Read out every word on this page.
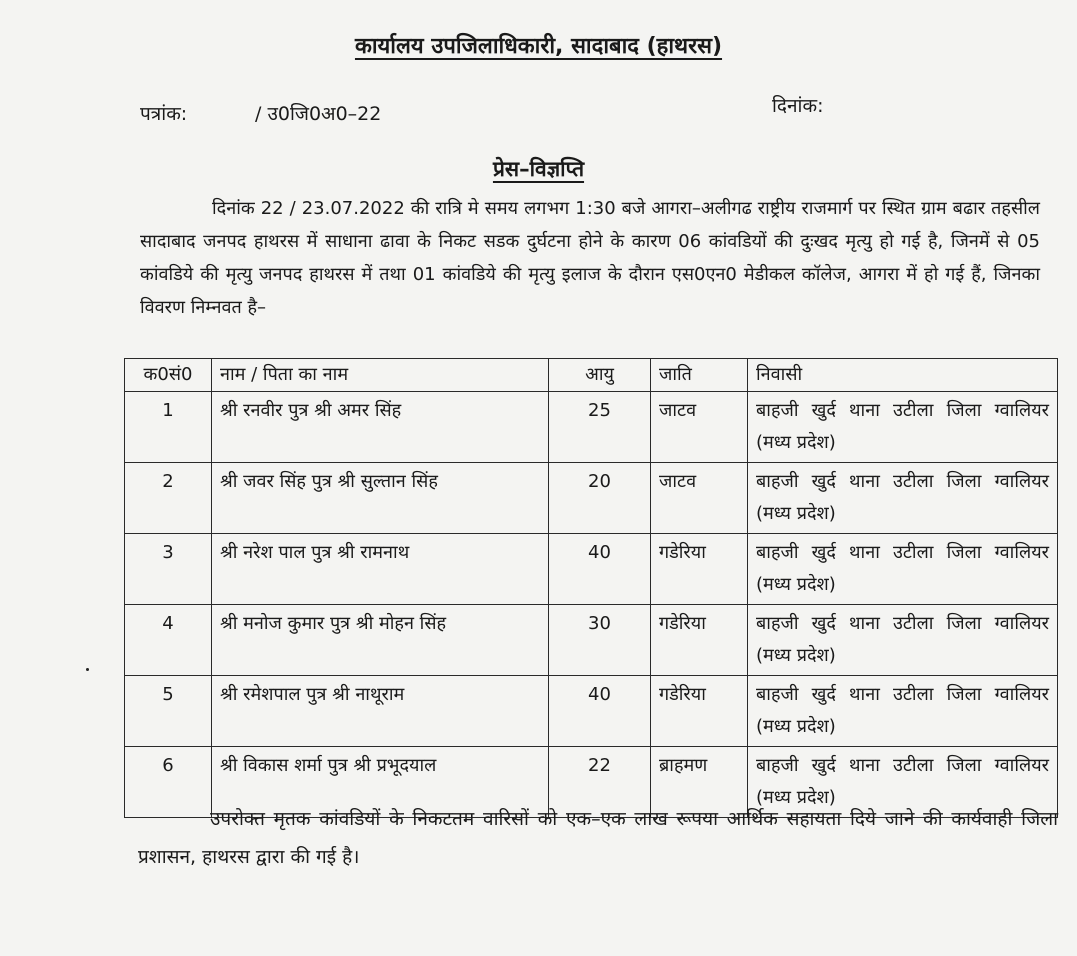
कार्यालय उपजिलाधिकारी, सादाबाद (हाथरस)
पत्रांक:	/ उ0जि0अ0–22	दिनांक:
प्रेस–विज्ञप्ति
दिनांक 22 / 23.07.2022 की रात्रि मे समय लगभग 1:30 बजे आगरा–अलीगढ राष्ट्रीय राजमार्ग पर स्थित ग्राम बढार तहसील सादाबाद जनपद हाथरस में साधाना ढावा के निकट सडक दुर्घटना होने के कारण 06 कांवडियों की दुःखद मृत्यु हो गई है, जिनमें से 05 कांवडिये की मृत्यु जनपद हाथरस में तथा 01 कांवडिये की मृत्यु इलाज के दौरान एस0एन0 मेडीकल कॉलेज, आगरा में हो गई हैं, जिनका विवरण निम्नवत है–
क0सं0	नाम / पिता का नाम	आयु	जाति	निवासी
1	श्री रनवीर पुत्र श्री अमर सिंह	25	जाटव	बाहजी खुर्द थाना उटीला जिला ग्वालियर (मध्य प्रदेश)
2	श्री जवर सिंह पुत्र श्री सुल्तान सिंह	20	जाटव	बाहजी खुर्द थाना उटीला जिला ग्वालियर (मध्य प्रदेश)
3	श्री नरेश पाल पुत्र श्री रामनाथ	40	गडेरिया	बाहजी खुर्द थाना उटीला जिला ग्वालियर (मध्य प्रदेश)
4	श्री मनोज कुमार पुत्र श्री मोहन सिंह	30	गडेरिया	बाहजी खुर्द थाना उटीला जिला ग्वालियर (मध्य प्रदेश)
5	श्री रमेशपाल पुत्र श्री नाथूराम	40	गडेरिया	बाहजी खुर्द थाना उटीला जिला ग्वालियर (मध्य प्रदेश)
6	श्री विकास शर्मा पुत्र श्री प्रभूदयाल	22	ब्राहमण	बाहजी खुर्द थाना उटीला जिला ग्वालियर (मध्य प्रदेश)
उपरोक्त मृतक कांवडियों के निकटतम वारिसों को एक–एक लाख रूपया आर्थिक सहायता दिये जाने की कार्यवाही जिला प्रशासन, हाथरस द्वारा की गई है।
